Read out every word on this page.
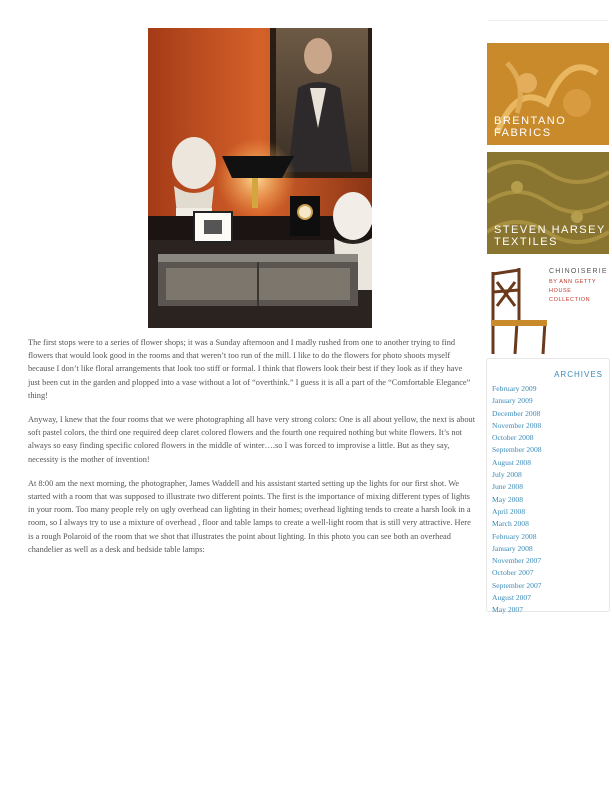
The first stops were to a series of flower shops; it was a Sunday afternoon and I madly rushed from one to another trying to find flowers that would look good in the rooms and that weren’t too run of the mill. I like to do the flowers for photo shoots myself because I don’t like floral arrangements that look too stiff or formal. I think that flowers look their best if they look as if they have just been cut in the garden and plopped into a vase without a lot of “overthink.” I guess it is all a part of the “Comfortable Elegance” thing!

Anyway, I knew that the four rooms that we were photographing all have very strong colors: One is all about yellow, the next is about soft pastel colors, the third one required deep claret colored flowers and the fourth one required nothing but white flowers. It’s not always so easy finding specific colored flowers in the middle of winter….so I was forced to improvise a little. But as they say, necessity is the mother of invention!

At 8:00 am the next morning, the photographer, James Waddell and his assistant started setting up the lights for our first shot. We started with a room that was supposed to illustrate two different points. The first is the importance of mixing different types of lights in your room. Too many people rely on ugly overhead can lighting in their homes; overhead lighting tends to create a harsh look in a room, so I always try to use a mixture of overhead , floor and table lamps to create a well-light room that is still very attractive. Here is a rough Polaroid of the room that we shot that illustrates the point about lighting. In this photo you can see both an overhead chandelier as well as a desk and bedside table lamps:

BRENTANO
FABRICS
STEVEN HARSEY
TEXTILES
CHINOISERIE
BY ANN GETTY HOUSE COLLECTION
ARCHIVES
February 2009
January 2009
December 2008
November 2008
October 2008
September 2008
August 2008
July 2008
June 2008
May 2008
April 2008
March 2008
February 2008
January 2008
November 2007
October 2007
September 2007
August 2007
May 2007
